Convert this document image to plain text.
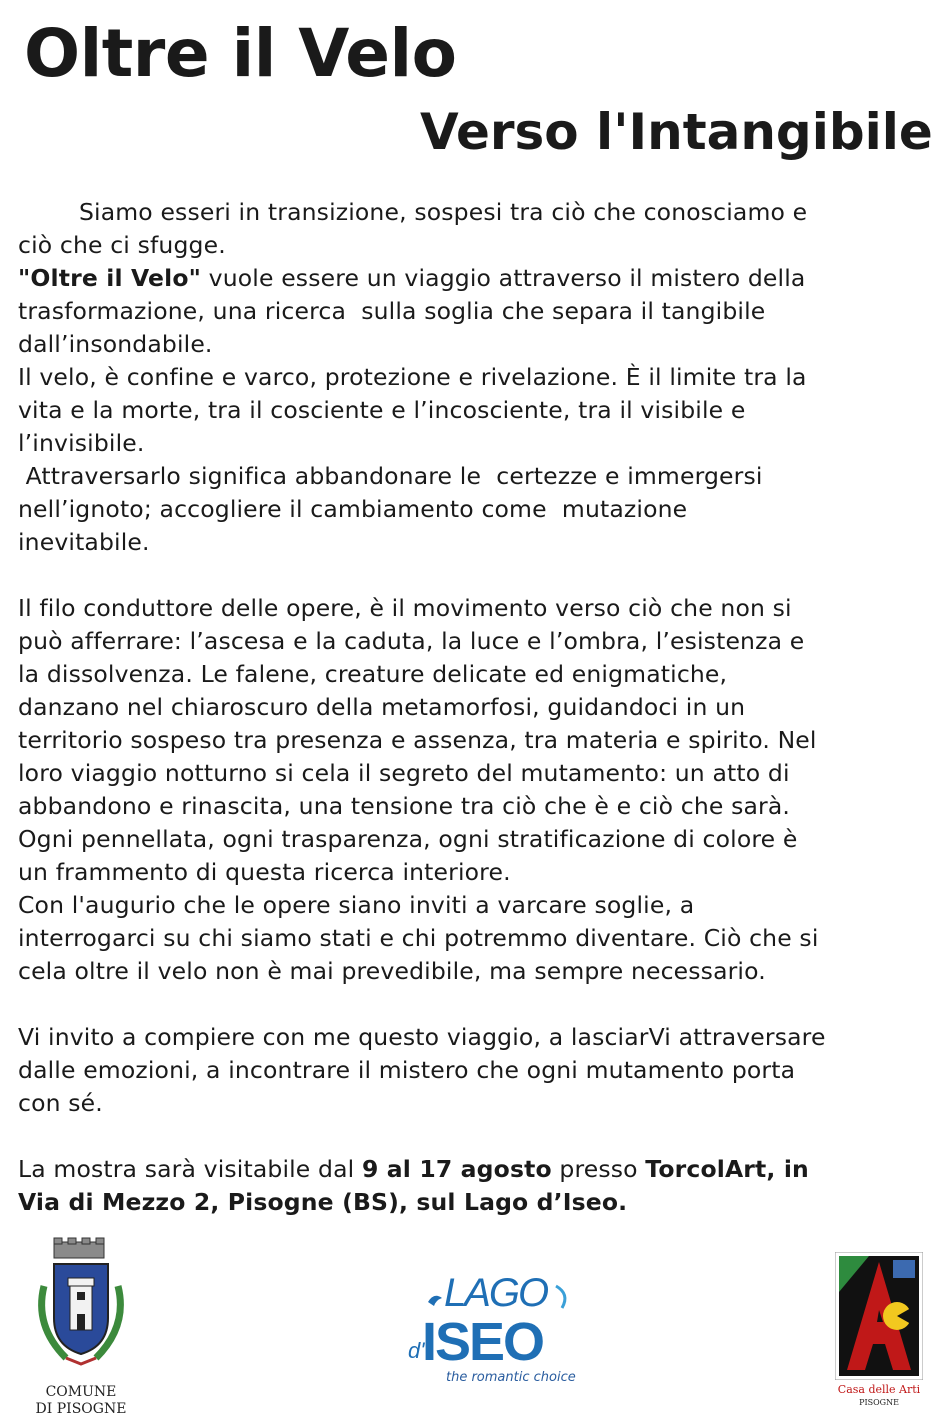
Oltre il Velo
Verso l'Intangibile
Siamo esseri in transizione, sospesi tra ciò che conosciamo e
ciò che ci sfugge.
"Oltre il Velo" vuole essere un viaggio attraverso il mistero della
trasformazione, una ricerca  sulla soglia che separa il tangibile
dall’insondabile.
Il velo, è confine e varco, protezione e rivelazione. È il limite tra la
vita e la morte, tra il cosciente e l’incosciente, tra il visibile e
l’invisibile.
Attraversarlo significa abbandonare le  certezze e immergersi
nell’ignoto; accogliere il cambiamento come  mutazione
inevitabile.
Il filo conduttore delle opere, è il movimento verso ciò che non si
può afferrare: l’ascesa e la caduta, la luce e l’ombra, l’esistenza e
la dissolvenza. Le falene, creature delicate ed enigmatiche,
danzano nel chiaroscuro della metamorfosi, guidandoci in un
territorio sospeso tra presenza e assenza, tra materia e spirito. Nel
loro viaggio notturno si cela il segreto del mutamento: un atto di
abbandono e rinascita, una tensione tra ciò che è e ciò che sarà.
Ogni pennellata, ogni trasparenza, ogni stratificazione di colore è
un frammento di questa ricerca interiore.
Con l'augurio che le opere siano inviti a varcare soglie, a
interrogarci su chi siamo stati e chi potremmo diventare. Ciò che si
cela oltre il velo non è mai prevedibile, ma sempre necessario.
Vi invito a compiere con me questo viaggio, a lasciarVi attraversare
dalle emozioni, a incontrare il mistero che ogni mutamento porta
con sé.
La mostra sarà visitabile dal 9 al 17 agosto presso TorcolArt, in
Via di Mezzo 2, Pisogne (BS), sul Lago d’Iseo.
COMUNE
DI PISOGNE
LAGO
d'
ISEO
the romantic choice
Casa delle Arti
PISOGNE
